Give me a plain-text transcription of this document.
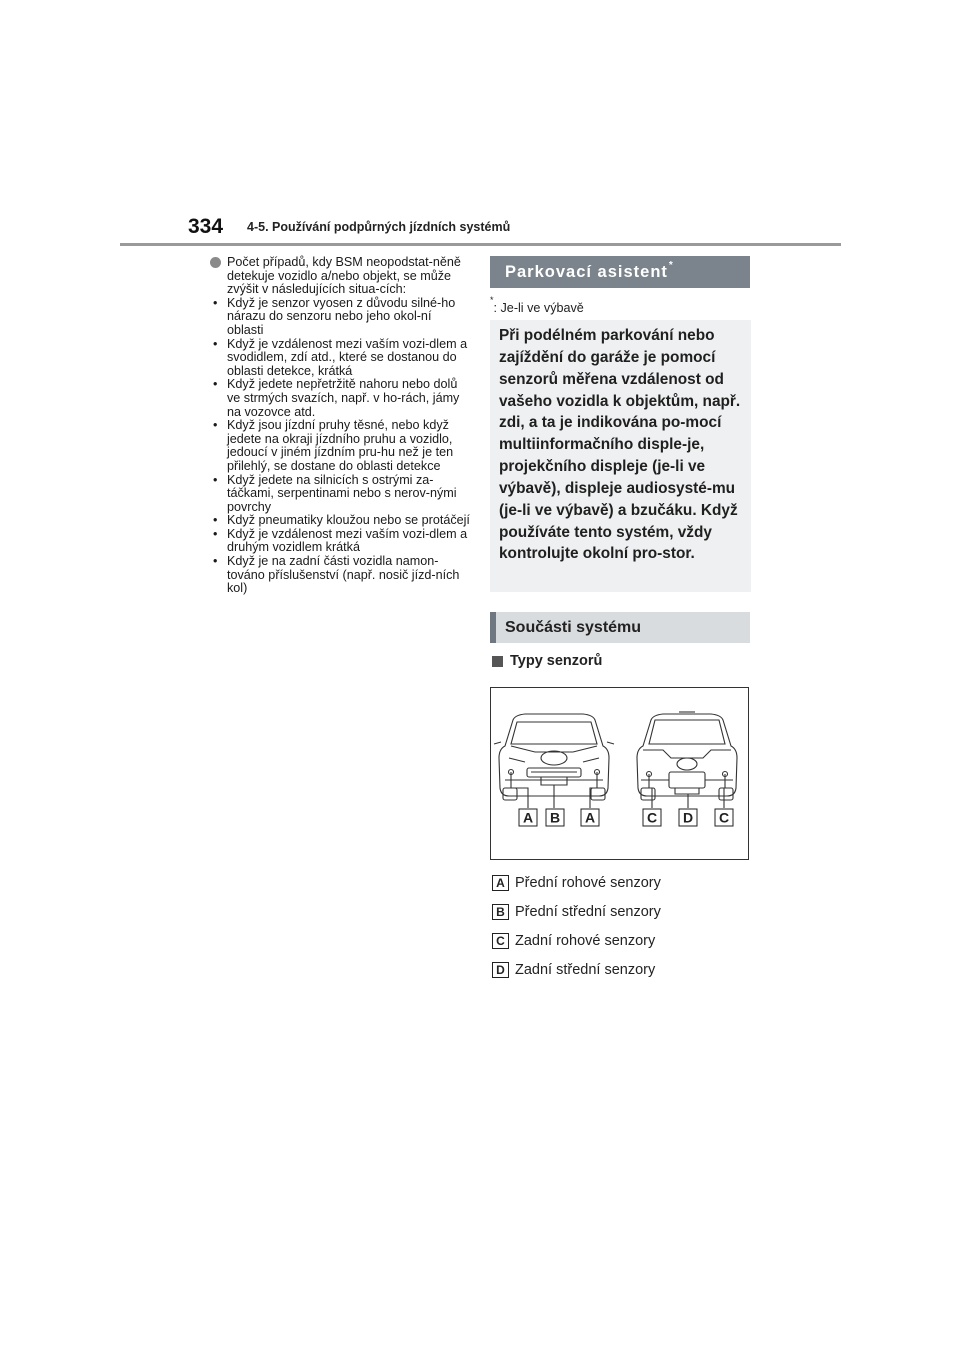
334 4-5. Používání podpůrných jízdních systémů
Počet případů, kdy BSM neopodstat-něně detekuje vozidlo a/nebo objekt, se může zvýšit v následujících situa-cích:
• Když je senzor vyosen z důvodu silné-ho nárazu do senzoru nebo jeho okol-ní oblasti
• Když je vzdálenost mezi vaším vozi-dlem a svodidlem, zdí atd., které se dostanou do oblasti detekce, krátká
• Když jedete nepřetržitě nahoru nebo dolů ve strmých svazích, např. v ho-rách, jámy na vozovce atd.
• Když jsou jízdní pruhy těsné, nebo když jedete na okraji jízdního pruhu a vozidlo, jedoucí v jiném jízdním pru-hu než je ten přilehlý, se dostane do oblasti detekce
• Když jedete na silnicích s ostrými za-táčkami, serpentinami nebo s nerov-nými povrchy
• Když pneumatiky kloužou nebo se protáčejí
• Když je vzdálenost mezi vaším vozi-dlem a druhým vozidlem krátká
• Když je na zadní části vozidla namon-továno příslušenství (např. nosič jízd-ních kol)
Parkovací asistent*
*: Je-li ve výbavě
Při podélném parkování nebo zajíždění do garáže je pomocí senzorů měřena vzdálenost od vašeho vozidla k objektům, např. zdi, a ta je indikována po-mocí multiinformačního disple-je, projekčního displeje (je-li ve výbavě), displeje audiosysté-mu (je-li ve výbavě) a bzučáku. Když používáte tento systém, vždy kontrolujte okolní pro-stor.
Součásti systému
Typy senzorů
A B A	C D C
A Přední rohové senzory
B Přední střední senzory
C Zadní rohové senzory
D Zadní střední senzory
